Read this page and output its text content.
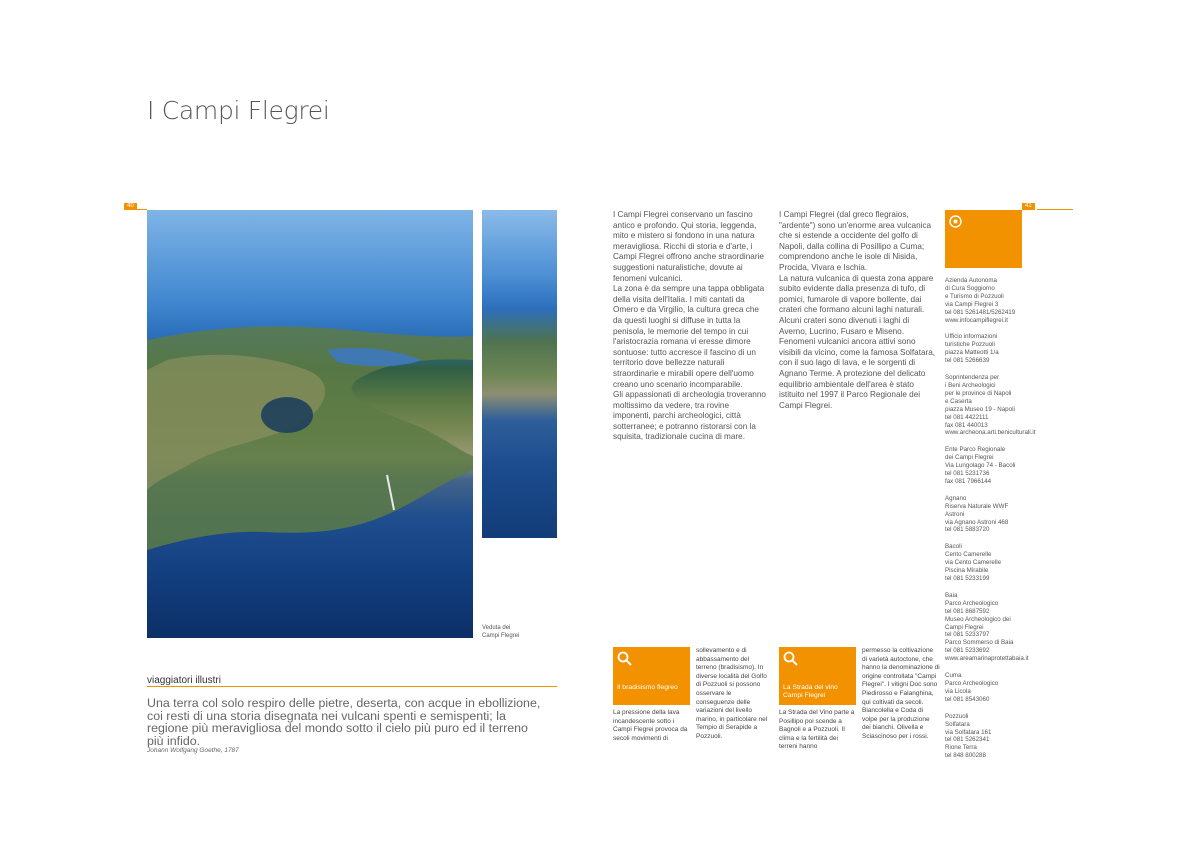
I Campi Flegrei
40
Veduta dei
Campi Flegrei
41

I Campi Flegrei conservano un fascino antico e profondo. Qui storia, leggenda, mito e mistero si fondono in una natura meravigliosa. Ricchi di storia e d'arte, i Campi Flegrei offrono anche straordinarie suggestioni naturalistiche, dovute ai fenomeni vulcanici.
La zona è da sempre una tappa obbligata della visita dell'Italia. I miti cantati da Omero e da Virgilio, la cultura greca che da questi luoghi si diffuse in tutta la penisola, le memorie del tempo in cui l'aristocrazia romana vi eresse dimore sontuose: tutto accresce il fascino di un territorio dove bellezze naturali straordinarie e mirabili opere dell'uomo creano uno scenario incomparabile.
Gli appassionati di archeologia troveranno moltissimo da vedere, tra rovine imponenti, parchi archeologici, città sotterranee; e potranno ristorarsi con la squisita, tradizionale cucina di mare.

I Campi Flegrei (dal greco flegraios, "ardente") sono un'enorme area vulcanica che si estende a occidente del golfo di Napoli, dalla collina di Posillipo a Cuma; comprendono anche le isole di Nisida, Procida, Vivara e Ischia.
La natura vulcanica di questa zona appare subito evidente dalla presenza di tufo, di pomici, fumarole di vapore bollente, dai crateri che formano alcuni laghi naturali. Alcuni crateri sono divenuti i laghi di Averno, Lucrino, Fusaro e Miseno. Fenomeni vulcanici ancora attivi sono visibili da vicino, come la famosa Solfatara, con il suo lago di lava, e le sorgenti di Agnano Terme. A protezione del delicato equilibrio ambientale dell'area è stato istituito nel 1997 il Parco Regionale dei Campi Flegrei.

Azienda Autonoma
di Cura Soggiorno
e Turismo di Pozzuoli
via Campi Flegrei 3
tel 081 5261481/5262419
www.infocampiflegrei.it

Ufficio informazioni
turistiche Pozzuoli
piazza Matteotti 1/a
tel 081 5266639

Soprintendenza per
i Beni Archeologici
per le province di Napoli
e Caserta
piazza Museo 19 - Napoli
tel 081 4422111
fax 081 440013
www.archeona.arti.beniculturali.it

Ente Parco Regionale
dei Campi Flegrei
Via Lungolago 74 - Bacoli
tel 081 5231736
fax 081 7966144

Agnano
Riserva Naturale WWF
Astroni
via Agnano Astroni 468
tel 081 5883720

Bacoli
Cento Camerelle
via Cento Camerelle
Piscina Mirabile
tel 081 5233199

Baia
Parco Archeologico
tel 081 8687592
Museo Archeologico dei
Campi Flegrei
tel 081 5233797
Parco Sommerso di Baia
tel 081 5233692
www.areamarinaprotettabaia.it

Cuma
Parco Archeologico
via Licola
tel 081 8543060

Pozzuoli
Solfatara
via Solfatara 161
tel 081 5262341
Rione Terra
tel 848 800288

viaggiatori illustri

Una terra col solo respiro delle pietre, deserta, con acque in ebollizione, coi resti di una storia disegnata nei vulcani spenti e semispenti; la regione più meravigliosa del mondo sotto il cielo più puro ed il terreno più infido.

Johann Wolfgang Goethe, 1787
Il bradisismo flegreo

La pressione della lava incandescente sotto i Campi Flegrei provoca da secoli movimenti di

sollevamento e di abbassamento del terreno (bradisismo). In diverse località del Golfo di Pozzuoli si possono osservare le conseguenze delle variazioni del livello marino, in particolare nel Tempio di Serapide a Pozzuoli.

La Strada del vino Campi Flegrei

La Strada del Vino parte a Posillipo poi scende a Bagnoli e a Pozzuoli. Il clima e la fertilità dei terreni hanno

permesso la coltivazione di varietà autoctone, che hanno la denominazione di origine controllata "Campi Flegrei". I vitigni Doc sono Piedirosso e Falanghina, qui coltivati da secoli. Biancolella e Coda di volpe per la produzione dei bianchi. Olivella e Sciascinoso per i rossi.
